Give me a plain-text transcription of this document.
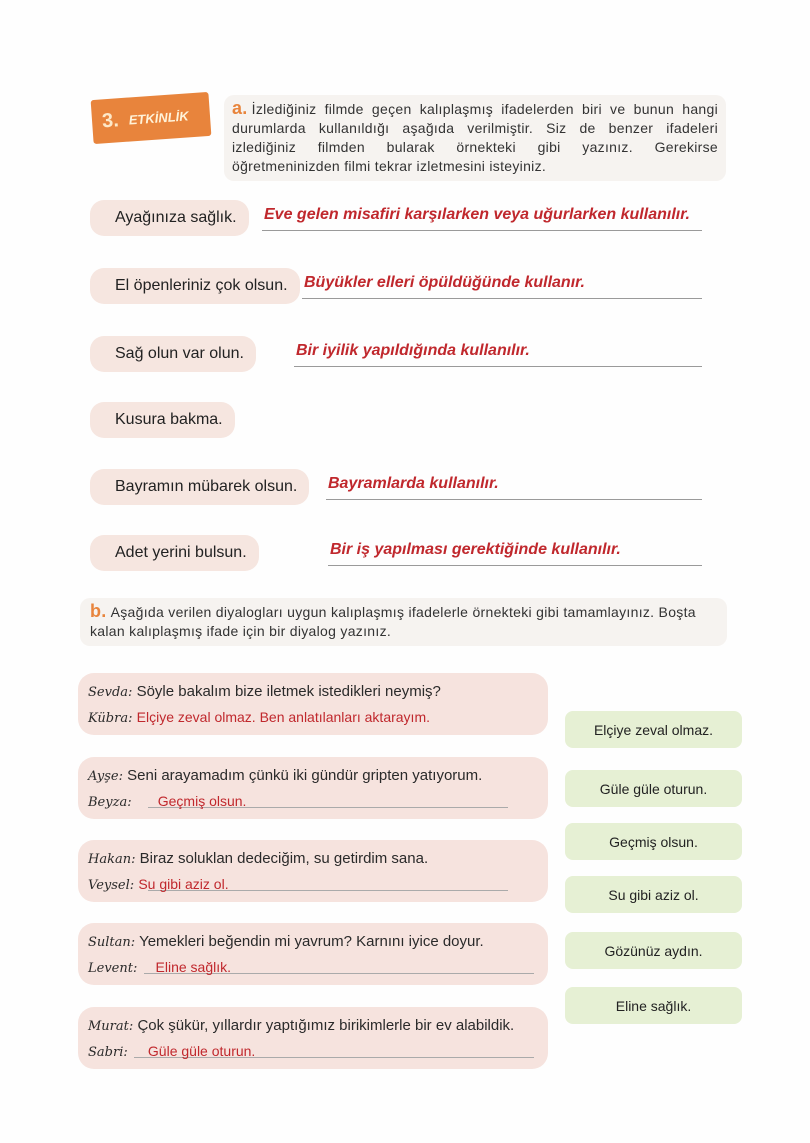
3. ETKİNLİK	a. İzlediğiniz filmde geçen kalıplaşmış ifadelerden biri ve bunun hangi durumlarda kullanıldığı aşağıda verilmiştir. Siz de benzer ifadeleri izlediğiniz filmden bularak örnekteki gibi yazınız. Gerekirse öğretmeninizden filmi tekrar izletmesini isteyiniz.
Ayağınıza sağlık.	Eve gelen misafiri karşılarken veya uğurlarken kullanılır.
El öpenleriniz çok olsun.	Büyükler elleri öpüldüğünde kullanır.
Sağ olun var olun.	Bir iyilik yapıldığında kullanılır.
Kusura bakma.
Bayramın mübarek olsun.	Bayramlarda kullanılır.
Adet yerini bulsun.	Bir iş yapılması gerektiğinde kullanılır.
b. Aşağıda verilen diyalogları uygun kalıplaşmış ifadelerle örnekteki gibi tamamlayınız. Boşta kalan kalıplaşmış ifade için bir diyalog yazınız.
Sevda: Söyle bakalım bize iletmek istedikleri neymiş?
Kübra: Elçiye zeval olmaz. Ben anlatılanları aktarayım.
Ayşe: Seni arayamadım çünkü iki gündür gripten yatıyorum.
Beyza: Geçmiş olsun.
Hakan: Biraz soluklan dedeciğim, su getirdim sana.
Veysel: Su gibi aziz ol.
Sultan: Yemekleri beğendin mi yavrum? Karnını iyice doyur.
Levent: Eline sağlık.
Murat: Çok şükür, yıllardır yaptığımız birikimlerle bir ev alabildik.
Sabri: Güle güle oturun.
Elçiye zeval olmaz.
Güle güle oturun.
Geçmiş olsun.
Su gibi aziz ol.
Gözünüz aydın.
Eline sağlık.
